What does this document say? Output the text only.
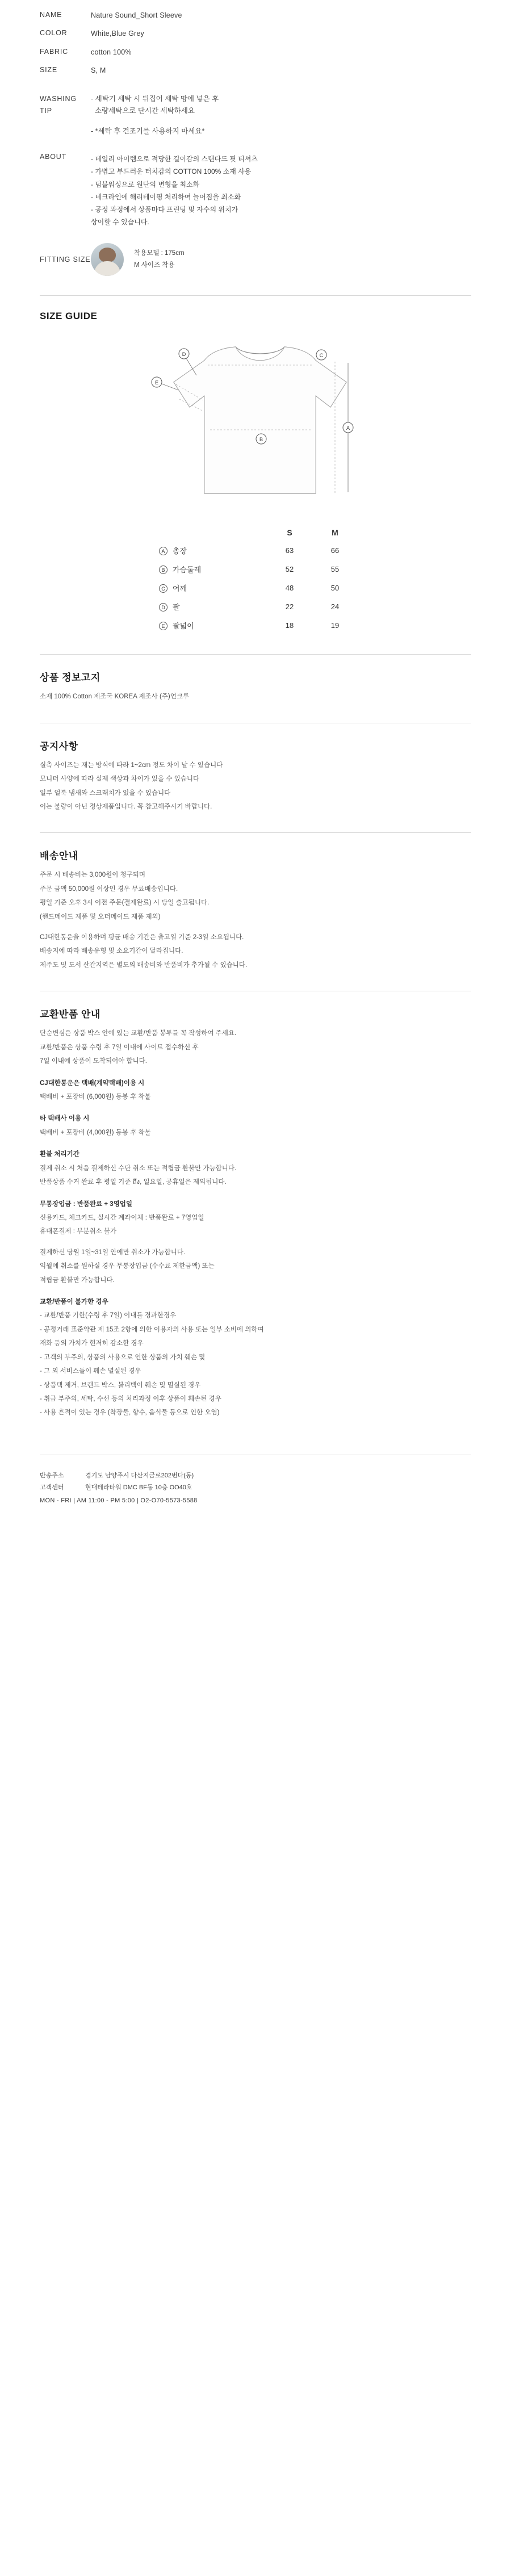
NAME	Nature Sound_Short Sleeve
COLOR	White,Blue Grey
FABRIC	cotton 100%
SIZE	S, M
WASHING
TIP
- 세탁기 세탁 시 뒤집어 세탁 망에 넣은 후
소량세탁으로 단시간 세탁하세요
- *세탁 후 건조기를 사용하지 마세요*
ABOUT	- 데일리 아이템으로 적당한 길이감의 스탠다드 핏 티셔츠
- 가볍고 부드러운 터치감의 COTTON 100% 소재 사용
- 덤블워싱으로 원단의 변형을 최소화
- 네크라인에 해리테이핑 처리하여 늘어짐을 최소화
- 공정 과정에서 상품마다 프린팅 및 자수의 위치가
상이할 수 있습니다.
FITTING SIZE
착용모델 : 175cm
M 사이즈 착용
SIZE GUIDE
A
B
C
D
E
	S	M
A 총장	63	66
B 가슴둘레	52	55
C 어깨	48	50
D 팔	22	24
E 팔넓이	18	19
상품 정보고지

소재 100% Cotton 제조국 KOREA 제조사 (주)언크루

공지사항

실측 사이즈는 재는 방식에 따라 1~2cm 정도 차이 날 수 있습니다

모니터 사양에 따라 실제 색상과 차이가 있을 수 있습니다

일부 얼룩 냄새와 스크래치가 있을 수 있습니다

이는 불량이 아닌 정상제품입니다. 꼭 참고해주시기 바랍니다.

배송안내

주문 시 배송비는 3,000원이 청구되며

주문 금액 50,000원 이상인 경우 무료배송입니다.

평일 기준 오후 3시 이전 주문(결제완료) 시 당일 출고됩니다.

(핸드메이드 제품 및 오더메이드 제품 제외)

CJ대한통운을 이용하며 평균 배송 기간은 출고일 기준 2-3일 소요됩니다.

배송지에 따라 배송유형 및 소요기간이 달라집니다.

제주도 및 도서 산간지역은 별도의 배송비와 반품비가 추가될 수 있습니다.

교환반품 안내

단순변심은 상품 박스 안에 있는 교환/반품 봉투를 꼭 작성하여 주세요.

교환/반품은 상품 수령 후 7일 이내에 사이트 접수하신 후

7일 이내에 상품이 도착되어야 합니다.

CJ대한통운은 택배(계약택배)이용 시

택배비 + 포장비 (6,000원) 동봉 후 착불

타 택배사 이용 시

택배비 + 포장비 (4,000원) 동봉 후 착불

환불 처리기간

결제 취소 시 처음 결제하신 수단 취소 또는 적립금 환불만 가능합니다.

반품상품 수거 완료 후 평일 기준 ถึง, 일요일, 공휴일은 제외됩니다.

무통장입금 : 반품완료 + 3영업일

신용카드, 체크카드, 실시간 계좌이체 : 반품완료 + 7영업일

휴대폰결제 : 부분취소 불가

결제하신 당월 1일~31일 안에만 취소가 가능합니다.

익월에 취소를 원하실 경우 무통장입금 (수수료 제한금액) 또는

적립금 환불만 가능합니다.

교환/반품이 불가한 경우

- 교환/반품 기한(수령 후 7일) 이내를 경과한경우

- 공정거래 표준약관 제 15조 2항에 의한 이용자의 사용 또는 일부 소비에 의하여

재화 등의 가치가 현저히 감소한 경우

- 고객의 부주의, 상품의 사용으로 인한 상품의 가치 훼손 및

- 그 외 서비스들이 훼손 멸실된 경우

- 상품택 제거, 브랜드 박스, 볼리백이 훼손 및 멸실된 경우

- 취급 부주의, 세탁, 수선 등의 처리과정 이후 상품이 훼손된 경우

- 사용 흔적이 있는 경우 (착장물, 향수, 음식물 등으로 인한 오염)

반송주소	경기도 남양주시 다산지금로202번다(동)
고객센터	현대테라타워 DMC BF동 10층 OO40호
MON - FRI | AM 11:00 - PM 5:00 | O2-O70-5573-5588
